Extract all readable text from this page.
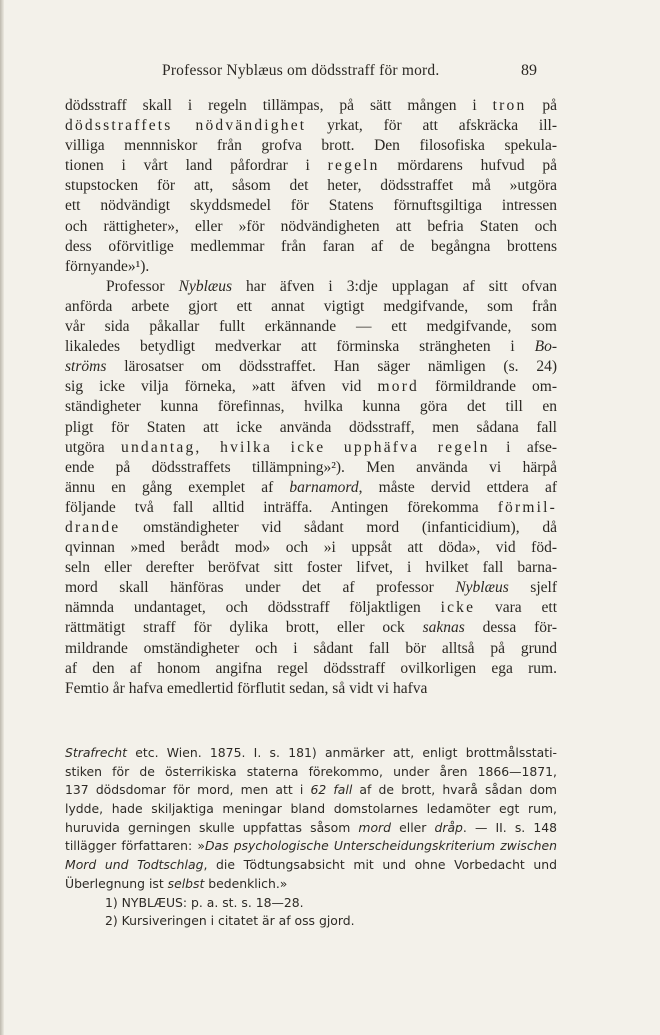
Professor Nyblæus om dödsstraff för mord.	89
dödsstraff skall i regeln tillämpas, på sätt mången i tron på
dödsstraffets nödvändighet yrkat, för att afskräcka ill-
villiga mennniskor från grofva brott. Den filosofiska spekula-
tionen i vårt land påfordrar i regeln mördarens hufvud på
stupstocken för att, såsom det heter, dödsstraffet må »utgöra
ett nödvändigt skyddsmedel för Statens förnuftsgiltiga intressen
och rättigheter», eller »för nödvändigheten att befria Staten och
dess oförvitlige medlemmar från faran af de begångna brottens
förnyande»¹).
Professor Nyblæus har äfven i 3:dje upplagan af sitt ofvan
anförda arbete gjort ett annat vigtigt medgifvande, som från
vår sida påkallar fullt erkännande — ett medgifvande, som
likaledes betydligt medverkar att förminska strängheten i Bo-
ströms lärosatser om dödsstraffet. Han säger nämligen (s. 24)
sig icke vilja förneka, »att äfven vid mord förmildrande om-
ständigheter kunna förefinnas, hvilka kunna göra det till en
pligt för Staten att icke använda dödsstraff, men sådana fall
utgöra undantag, hvilka icke upphäfva regeln i afse-
ende på dödsstraffets tillämpning»²). Men använda vi härpå
ännu en gång exemplet af barnamord, måste dervid ettdera af
följande två fall alltid inträffa. Antingen förekomma förmil-
drande omständigheter vid sådant mord (infanticidium), då
qvinnan »med berådt mod» och »i uppsåt att döda», vid föd-
seln eller derefter beröfvat sitt foster lifvet, i hvilket fall barna-
mord skall hänföras under det af professor Nyblæus sjelf
nämnda undantaget, och dödsstraff följaktligen icke vara ett
rättmätigt straff för dylika brott, eller ock saknas dessa för-
mildrande omständigheter och i sådant fall bör alltså på grund
af den af honom angifna regel dödsstraff ovilkorligen ega rum.
Femtio år hafva emedlertid förflutit sedan, så vidt vi hafva
Strafrecht etc. Wien. 1875. I. s. 181) anmärker att, enligt brottmålsstati-
stiken för de österrikiska staterna förekommo, under åren 1866—1871,
137 dödsdomar för mord, men att i 62 fall af de brott, hvarå sådan dom
lydde, hade skiljaktiga meningar bland domstolarnes ledamöter egt rum,
huruvida gerningen skulle uppfattas såsom mord eller dråp. — II. s. 148
tillägger författaren: »Das psychologische Unterscheidungskriterium zwischen
Mord und Todtschlag, die Tödtungsabsicht mit und ohne Vorbedacht und
Überlegnung ist selbst bedenklich.»
1) NYBLÆUS: p. a. st. s. 18—28.
2) Kursiveringen i citatet är af oss gjord.
